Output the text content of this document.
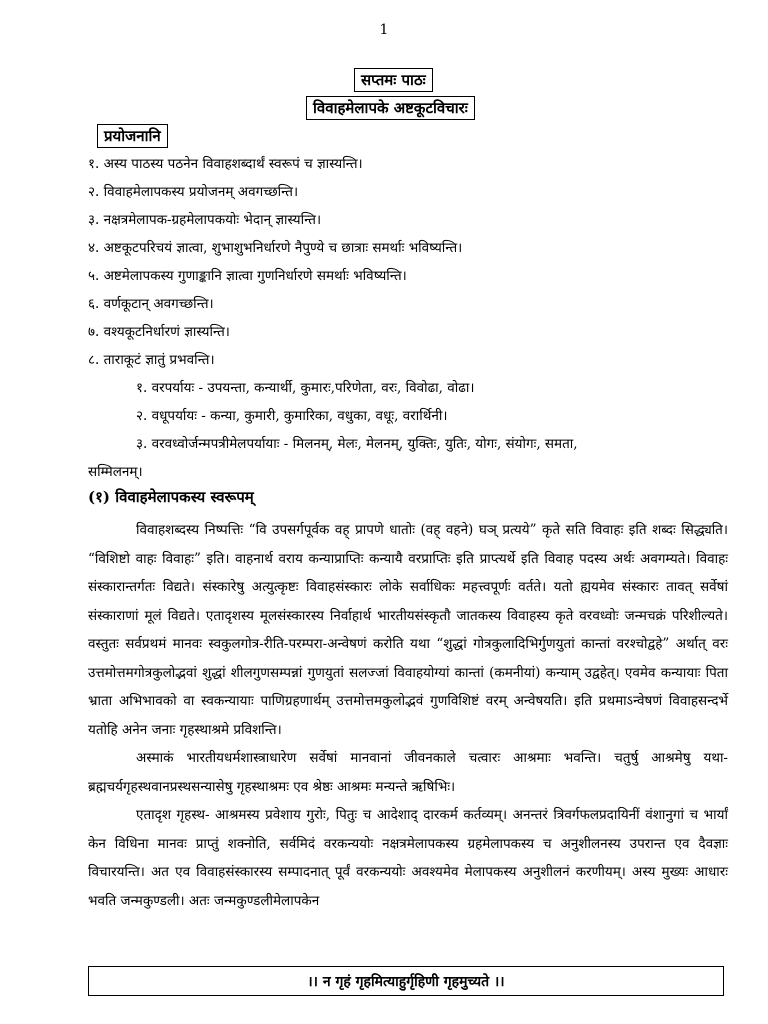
1
सप्तमः पाठः
विवाहमेलापके अष्टकूटविचारः
प्रयोजनानि
१. अस्य पाठस्य पठनेन विवाहशब्दार्थं स्वरूपं च ज्ञास्यन्ति।
२. विवाहमेलापकस्य प्रयोजनम् अवगच्छन्ति।
३. नक्षत्रमेलापक-ग्रहमेलापकयोः भेदान् ज्ञास्यन्ति।
४. अष्टकूटपरिचयं ज्ञात्वा, शुभाशुभनिर्धारणे नैपुण्ये च छात्राः समर्थाः भविष्यन्ति।
५. अष्टमेलापकस्य गुणाङ्कानि ज्ञात्वा गुणनिर्धारणे समर्थाः भविष्यन्ति।
६. वर्णकूटान् अवगच्छन्ति।
७. वश्यकूटनिर्धारणं ज्ञास्यन्ति।
८. ताराकूटं ज्ञातुं प्रभवन्ति।
१. वरपर्यायः - उपयन्ता, कन्यार्थी, कुमारः,परिणेता, वरः, विवोढा, वोढा।
२. वधूपर्यायः - कन्या, कुमारी, कुमारिका, वधुका, वधूः, वरार्थिनी।
३. वरवध्वोर्जन्मपत्रीमेलपर्यायाः - मिलनम्, मेलः, मेलनम्, युक्तिः, युतिः, योगः, संयोगः, समता,
सम्मिलनम्।
(१) विवाहमेलापकस्य स्वरूपम्

विवाहशब्दस्य निष्पत्तिः “वि उपसर्गपूर्वक वह् प्रापणे धातोः (वह् वहने) घञ् प्रत्यये” कृते सति विवाहः इति शब्दः सिद्ध्यति। “विशिष्टो वाहः विवाहः” इति। वाहनार्थ वराय कन्याप्राप्तिः कन्यायै वरप्राप्तिः इति प्राप्त्यर्थे इति विवाह पदस्य अर्थः अवगम्यते। विवाहः संस्कारान्तर्गतः विद्यते। संस्कारेषु अत्युत्कृष्टः विवाहसंस्कारः लोके सर्वाधिकः महत्त्वपूर्णः वर्तते। यतो ह्ययमेव संस्कारः तावत् सर्वेषां संस्काराणां मूलं विद्यते। एतादृशस्य मूलसंस्कारस्य निर्वाहार्थ भारतीयसंस्कृतौ जातकस्य विवाहस्य कृते वरवध्वोः जन्मचक्रं परिशील्यते। वस्तुतः सर्वप्रथमं मानवः स्वकुलगोत्र-रीति-परम्परा-अन्वेषणं करोति यथा “शुद्धां गोत्रकुलादिभिर्गुणयुतां कान्तां वरश्चोद्वहे” अर्थात् वरः उत्तमोत्तमगोत्रकुलोद्भवां शुद्धां शीलगुणसम्पन्नां गुणयुतां सलज्जां विवाहयोग्यां कान्तां (कमनीयां) कन्याम् उद्वहेत्। एवमेव कन्यायाः पिता भ्राता अभिभावको वा स्वकन्यायाः पाणिग्रहणार्थम् उत्तमोत्तमकुलोद्भवं गुणविशिष्टं वरम् अन्वेषयति। इति प्रथमाऽन्वेषणं विवाहसन्दर्भे यतोहि अनेन जनाः गृहस्थाश्रमे प्रविशन्ति।

अस्माकं भारतीयधर्मशास्त्राधारेण सर्वेषां मानवानां जीवनकाले चत्वारः आश्रमाः भवन्ति। चतुर्षु आश्रमेषु यथा- ब्रह्मचर्यगृहस्थवानप्रस्थसन्यासेषु गृहस्थाश्रमः एव श्रेष्ठः आश्रमः मन्यन्ते ऋषिभिः।

एतादृश गृहस्थ- आश्रमस्य प्रवेशाय गुरोः, पितुः च आदेशाद् दारकर्म कर्तव्यम्। अनन्तरं त्रिवर्गफलप्रदायिनीं वंशानुगां च भार्यां केन विधिना मानवः प्राप्तुं शक्नोति, सर्वमिदं वरकन्ययोः नक्षत्रमेलापकस्य ग्रहमेलापकस्य च अनुशीलनस्य उपरान्त एव दैवज्ञाः विचारयन्ति। अत एव विवाहसंस्कारस्य सम्पादनात् पूर्वं वरकन्ययोः अवश्यमेव मेलापकस्य अनुशीलनं करणीयम्। अस्य मुख्यः आधारः भवति जन्मकुण्डली। अतः जन्मकुण्डलीमेलापकेन

।। न गृहं गृहमित्याहुर्गृहिणी गृहमुच्यते ।।
